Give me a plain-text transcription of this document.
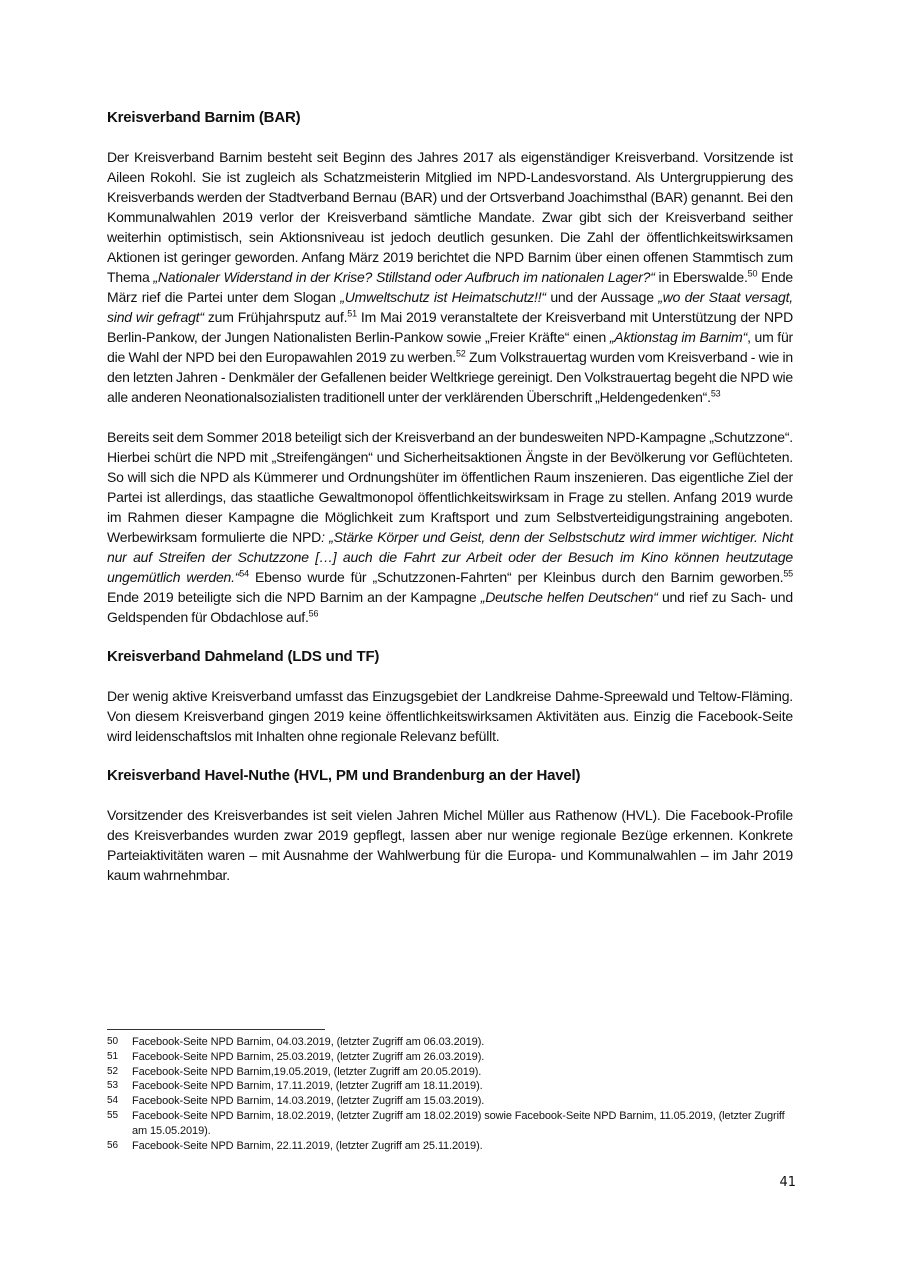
Kreisverband Barnim (BAR)

Der Kreisverband Barnim besteht seit Beginn des Jahres 2017 als eigenständiger Kreisverband. Vorsitzende ist Aileen Rokohl. Sie ist zugleich als Schatzmeisterin Mitglied im NPD-Landesvorstand. Als Untergruppierung des Kreisverbands werden der Stadtverband Bernau (BAR) und der Ortsverband Joachimsthal (BAR) genannt. Bei den Kommunalwahlen 2019 verlor der Kreisverband sämtliche Mandate. Zwar gibt sich der Kreisverband seither weiterhin optimistisch, sein Aktionsniveau ist jedoch deutlich gesunken. Die Zahl der öffentlichkeitswirksamen Aktionen ist geringer geworden. Anfang März 2019 berichtet die NPD Barnim über einen offenen Stammtisch zum Thema „Nationaler Widerstand in der Krise? Stillstand oder Aufbruch im nationalen Lager?“ in Eberswalde.$^{50}$ Ende März rief die Partei unter dem Slogan „Umweltschutz ist Heimatschutz!!“ und der Aussage „wo der Staat versagt, sind wir gefragt“ zum Frühjahrsputz auf.$^{51}$ Im Mai 2019 veranstaltete der Kreisverband mit Unterstützung der NPD Berlin-Pankow, der Jungen Nationalisten Berlin-Pankow sowie „Freier Kräfte“ einen „Aktionstag im Barnim“, um für die Wahl der NPD bei den Europawahlen 2019 zu werben.$^{52}$ Zum Volkstrauertag wurden vom Kreisverband - wie in den letzten Jahren - Denkmäler der Gefallenen beider Weltkriege gereinigt. Den Volkstrauertag begeht die NPD wie alle anderen Neonationalsozialisten traditionell unter der verklärenden Überschrift „Heldengedenken“.$^{53}$

Bereits seit dem Sommer 2018 beteiligt sich der Kreisverband an der bundesweiten NPD-Kampagne „Schutzzone“. Hierbei schürt die NPD mit „Streifengängen“ und Sicherheitsaktionen Ängste in der Bevölkerung vor Geflüchteten. So will sich die NPD als Kümmerer und Ordnungshüter im öffentlichen Raum inszenieren. Das eigentliche Ziel der Partei ist allerdings, das staatliche Gewaltmonopol öffentlichkeitswirksam in Frage zu stellen. Anfang 2019 wurde im Rahmen dieser Kampagne die Möglichkeit zum Kraftsport und zum Selbstverteidigungstraining angeboten. Werbewirksam formulierte die NPD: „Stärke Körper und Geist, denn der Selbstschutz wird immer wichtiger. Nicht nur auf Streifen der Schutzzone […] auch die Fahrt zur Arbeit oder der Besuch im Kino können heutzutage ungemütlich werden.“$^{54}$ Ebenso wurde für „Schutzzonen-Fahrten“ per Kleinbus durch den Barnim geworben.$^{55}$ Ende 2019 beteiligte sich die NPD Barnim an der Kampagne „Deutsche helfen Deutschen“ und rief zu Sach- und Geldspenden für Obdachlose auf.$^{56}$

Kreisverband Dahmeland (LDS und TF)

Der wenig aktive Kreisverband umfasst das Einzugsgebiet der Landkreise Dahme-Spreewald und Teltow-Fläming. Von diesem Kreisverband gingen 2019 keine öffentlichkeitswirksamen Aktivitäten aus. Einzig die Facebook-Seite wird leidenschaftslos mit Inhalten ohne regionale Relevanz befüllt.

Kreisverband Havel-Nuthe (HVL, PM und Brandenburg an der Havel)

Vorsitzender des Kreisverbandes ist seit vielen Jahren Michel Müller aus Rathenow (HVL). Die Facebook-Profile des Kreisverbandes wurden zwar 2019 gepflegt, lassen aber nur wenige regionale Bezüge erkennen. Konkrete Parteiaktivitäten waren – mit Ausnahme der Wahlwerbung für die Europa- und Kommunalwahlen – im Jahr 2019 kaum wahrnehmbar.

50	Facebook-Seite NPD Barnim, 04.03.2019, (letzter Zugriff am 06.03.2019).
51	Facebook-Seite NPD Barnim, 25.03.2019, (letzter Zugriff am 26.03.2019).
52	Facebook-Seite NPD Barnim,19.05.2019, (letzter Zugriff am 20.05.2019).
53	Facebook-Seite NPD Barnim, 17.11.2019, (letzter Zugriff am 18.11.2019).
54	Facebook-Seite NPD Barnim, 14.03.2019, (letzter Zugriff am 15.03.2019).
55	Facebook-Seite NPD Barnim, 18.02.2019, (letzter Zugriff am 18.02.2019) sowie Facebook-Seite NPD Barnim, 11.05.2019, (letzter Zugriff am 15.05.2019).
56	Facebook-Seite NPD Barnim, 22.11.2019, (letzter Zugriff am 25.11.2019).
41
